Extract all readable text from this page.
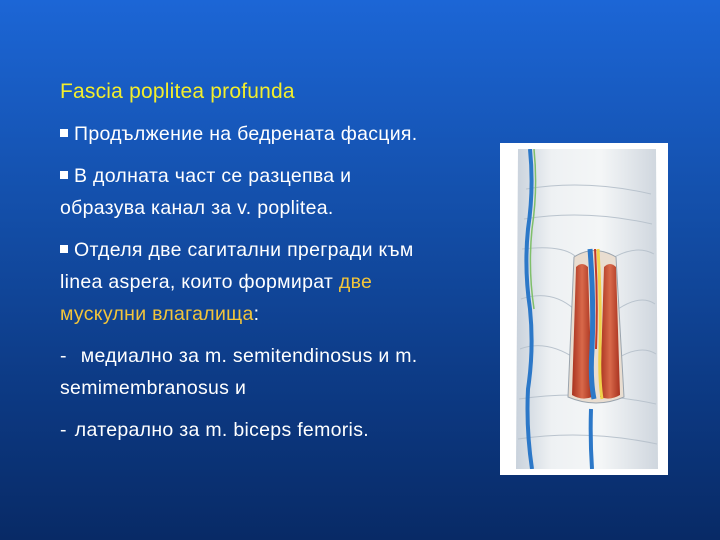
Fascia poplitea profunda
Продължение на бедрената фасция.
В долната част се разцепва и образува канал за v. poplitea.
Отделя две сагитални прегради към linea aspera, които формират две мускулни влагалища:
- медиално за m. semitendinosus и m. semimembranosus и
- латерално за m. biceps femoris.
